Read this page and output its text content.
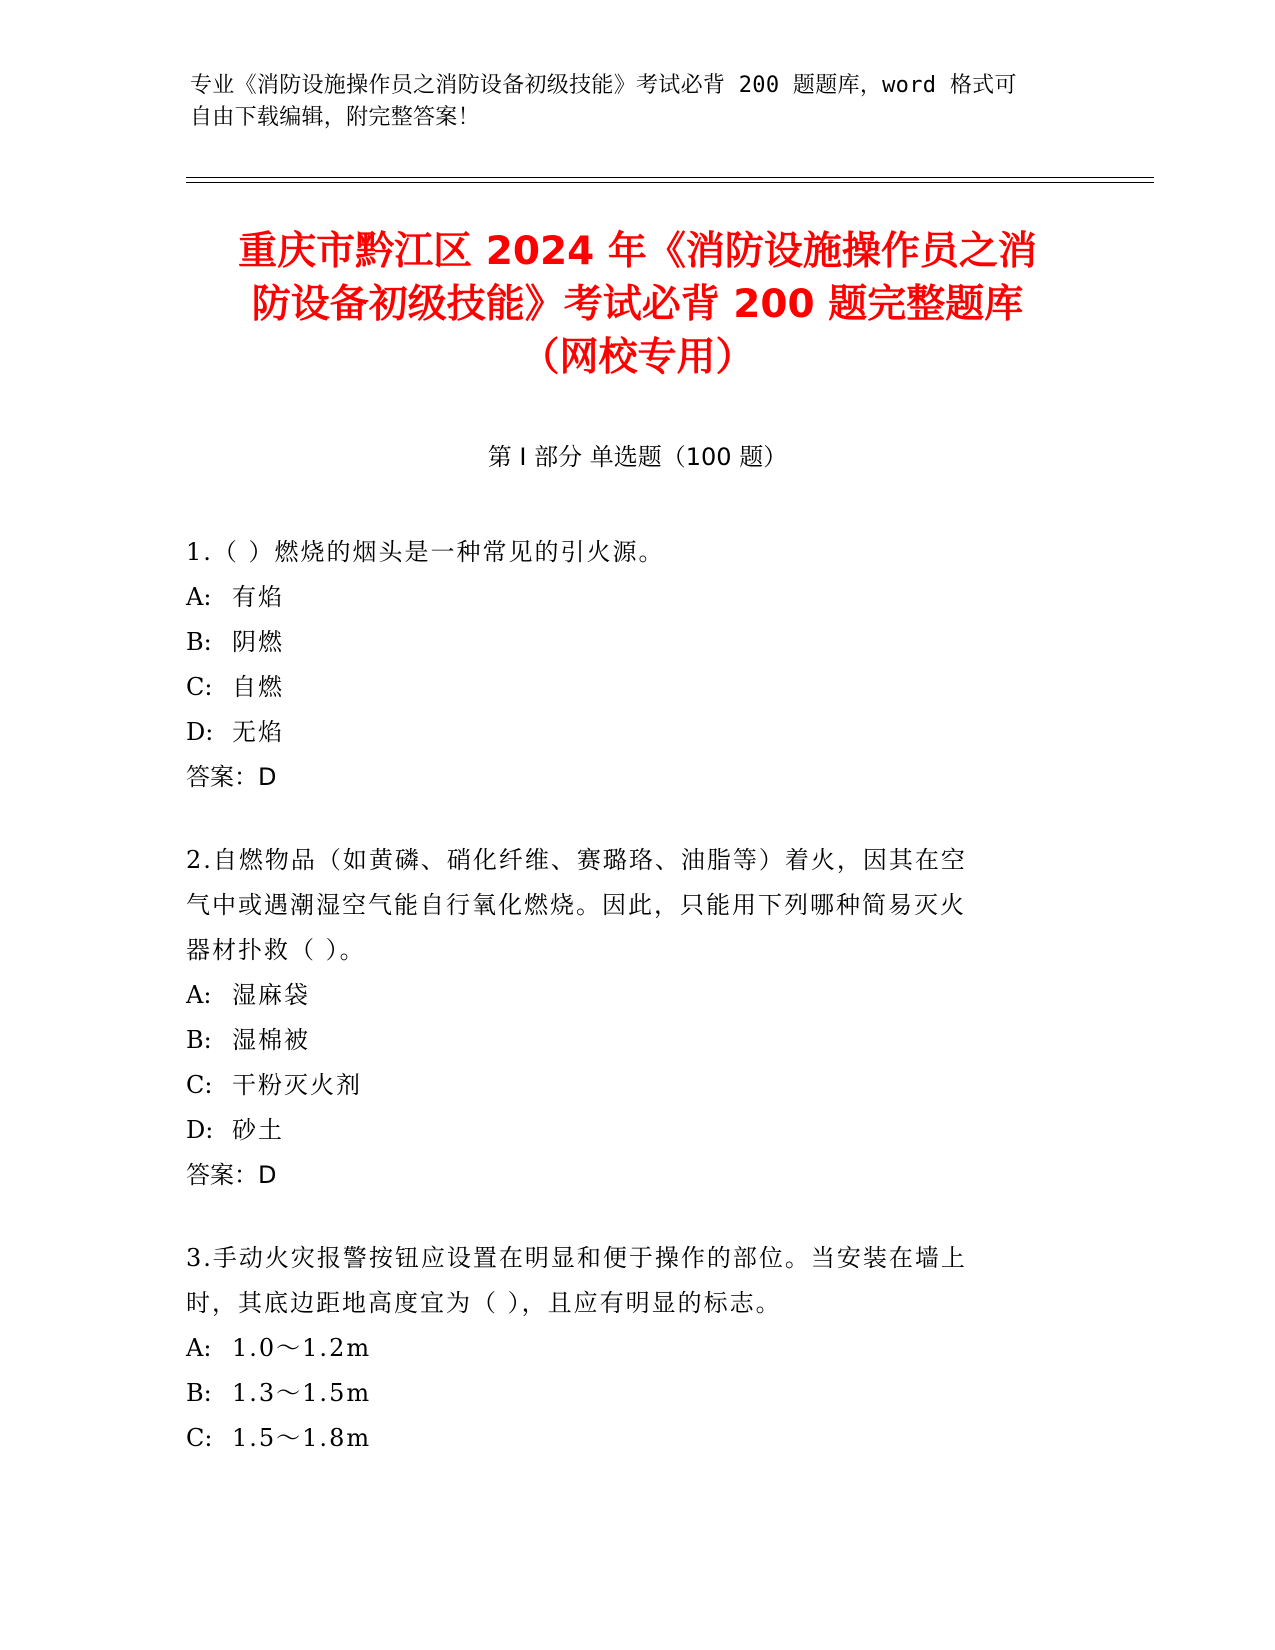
专业《消防设施操作员之消防设备初级技能》考试必背 200 题题库，word 格式可
自由下载编辑，附完整答案！
重庆市黔江区 2024 年《消防设施操作员之消
防设备初级技能》考试必背 200 题完整题库
（网校专用）
第 I 部分 单选题（100 题）
1.（ ）燃烧的烟头是一种常见的引火源。
A: 有焰
B: 阴燃
C: 自燃
D: 无焰
答案：D
2.自燃物品（如黄磷、硝化纤维、赛璐珞、油脂等）着火，因其在空
气中或遇潮湿空气能自行氧化燃烧。因此，只能用下列哪种简易灭火
器材扑救（ ）。
A: 湿麻袋
B: 湿棉被
C: 干粉灭火剂
D: 砂土
答案：D
3.手动火灾报警按钮应设置在明显和便于操作的部位。当安装在墙上
时，其底边距地高度宜为（ ），且应有明显的标志。
A: 1.0～1.2m
B: 1.3～1.5m
C: 1.5～1.8m
